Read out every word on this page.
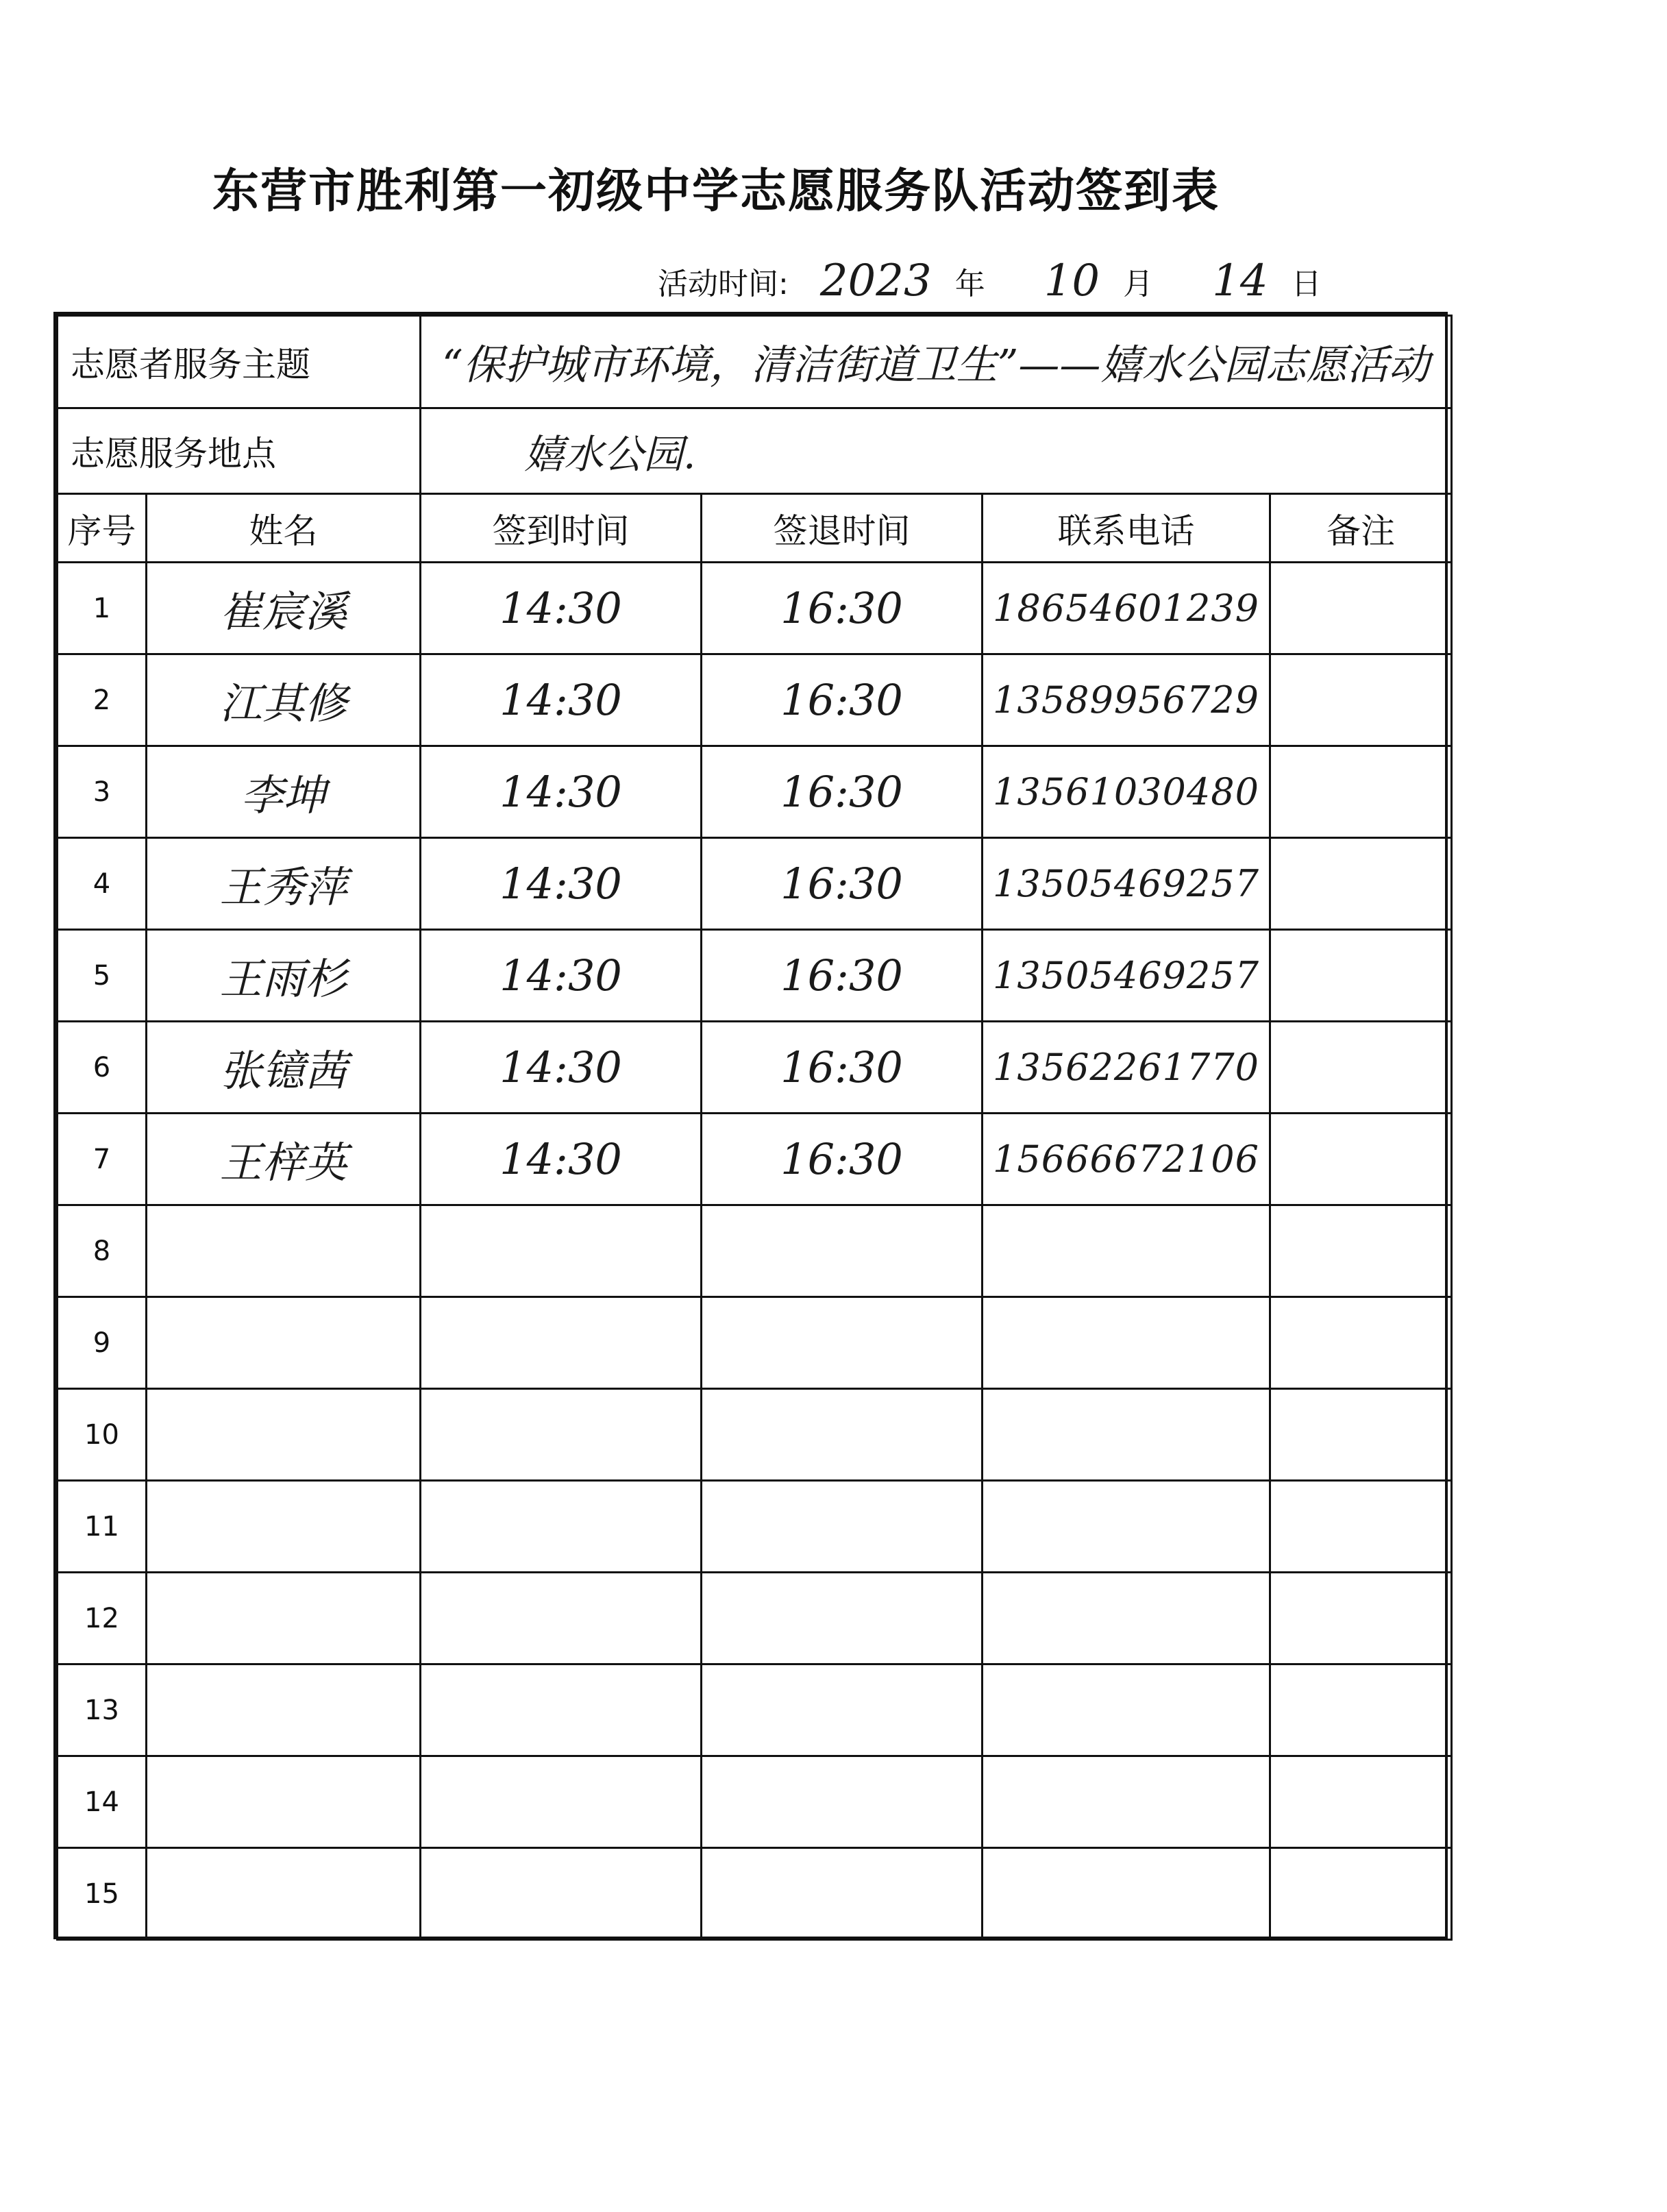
东营市胜利第一初级中学志愿服务队活动签到表
活动时间: 2023 年 10 月 14 日
志愿者服务主题		“保护城市环境，清洁街道卫生”——嬉水公园志愿活动			
志愿服务地点		嬉水公园.			
序号	姓名	签到时间	签退时间	联系电话	备注
1	崔宸溪	14:30	16:30	18654601239	
2	江其修	14:30	16:30	13589956729	
3	李坤	14:30	16:30	13561030480	
4	王秀萍	14:30	16:30	13505469257	
5	王雨杉	14:30	16:30	13505469257	
6	张镱茜	14:30	16:30	13562261770	
7	王梓英	14:30	16:30	15666672106	
8					
9					
10					
11					
12					
13					
14					
15					
